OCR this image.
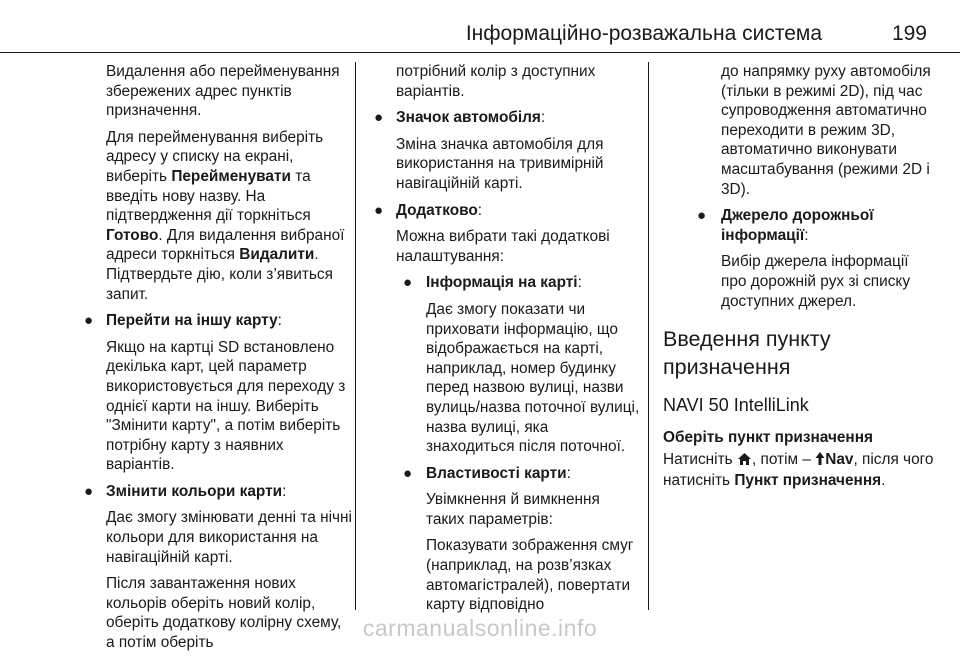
Інформаційно-розважальна система	199

Видалення або перейменування збережених адрес пунктів призначення.

Для перейменування виберіть адресу у списку на екрані, виберіть Перейменувати та введіть нову назву. На підтвердження дії торкніться Готово. Для видалення вибраної адреси торкніться Видалити. Підтвердьте дію, коли з’явиться запит.

● Перейти на іншу карту:

Якщо на картці SD встановлено декілька карт, цей параметр використовується для переходу з однієї карти на іншу. Виберіть "Змінити карту", а потім виберіть потрібну карту з наявних варіантів.

● Змінити кольори карти:

Дає змогу змінювати денні та нічні кольори для використання на навігаційній карті.

Після завантаження нових кольорів оберіть новий колір, оберіть додаткову колірну схему, а потім оберіть

потрібний колір з доступних варіантів.

● Значок автомобіля:

Зміна значка автомобіля для використання на тривимірній навігаційній карті.

● Додатково:

Можна вибрати такі додаткові налаштування:

● Інформація на карті:

Дає змогу показати чи приховати інформацію, що відображається на карті, наприклад, номер будинку перед назвою вулиці, назви вулиць/назва поточної вулиці, назва вулиці, яка знаходиться після поточної.

● Властивості карти:

Увімкнення й вимкнення таких параметрів:

Показувати зображення смуг (наприклад, на розв’язках автомагістралей), повертати карту відповідно

до напрямку руху автомобіля (тільки в режимі 2D), під час супроводження автоматично переходити в режим 3D, автоматично виконувати масштабування (режими 2D і 3D).

● Джерело дорожньої інформації:

Вибір джерела інформації про дорожній рух зі списку доступних джерел.

Введення пункту призначення
NAVI 50 IntelliLink
Оберіть пункт призначення

Натисніть , потім – Nav, після чого натисніть Пункт призначення.

carmanualsonline.info
